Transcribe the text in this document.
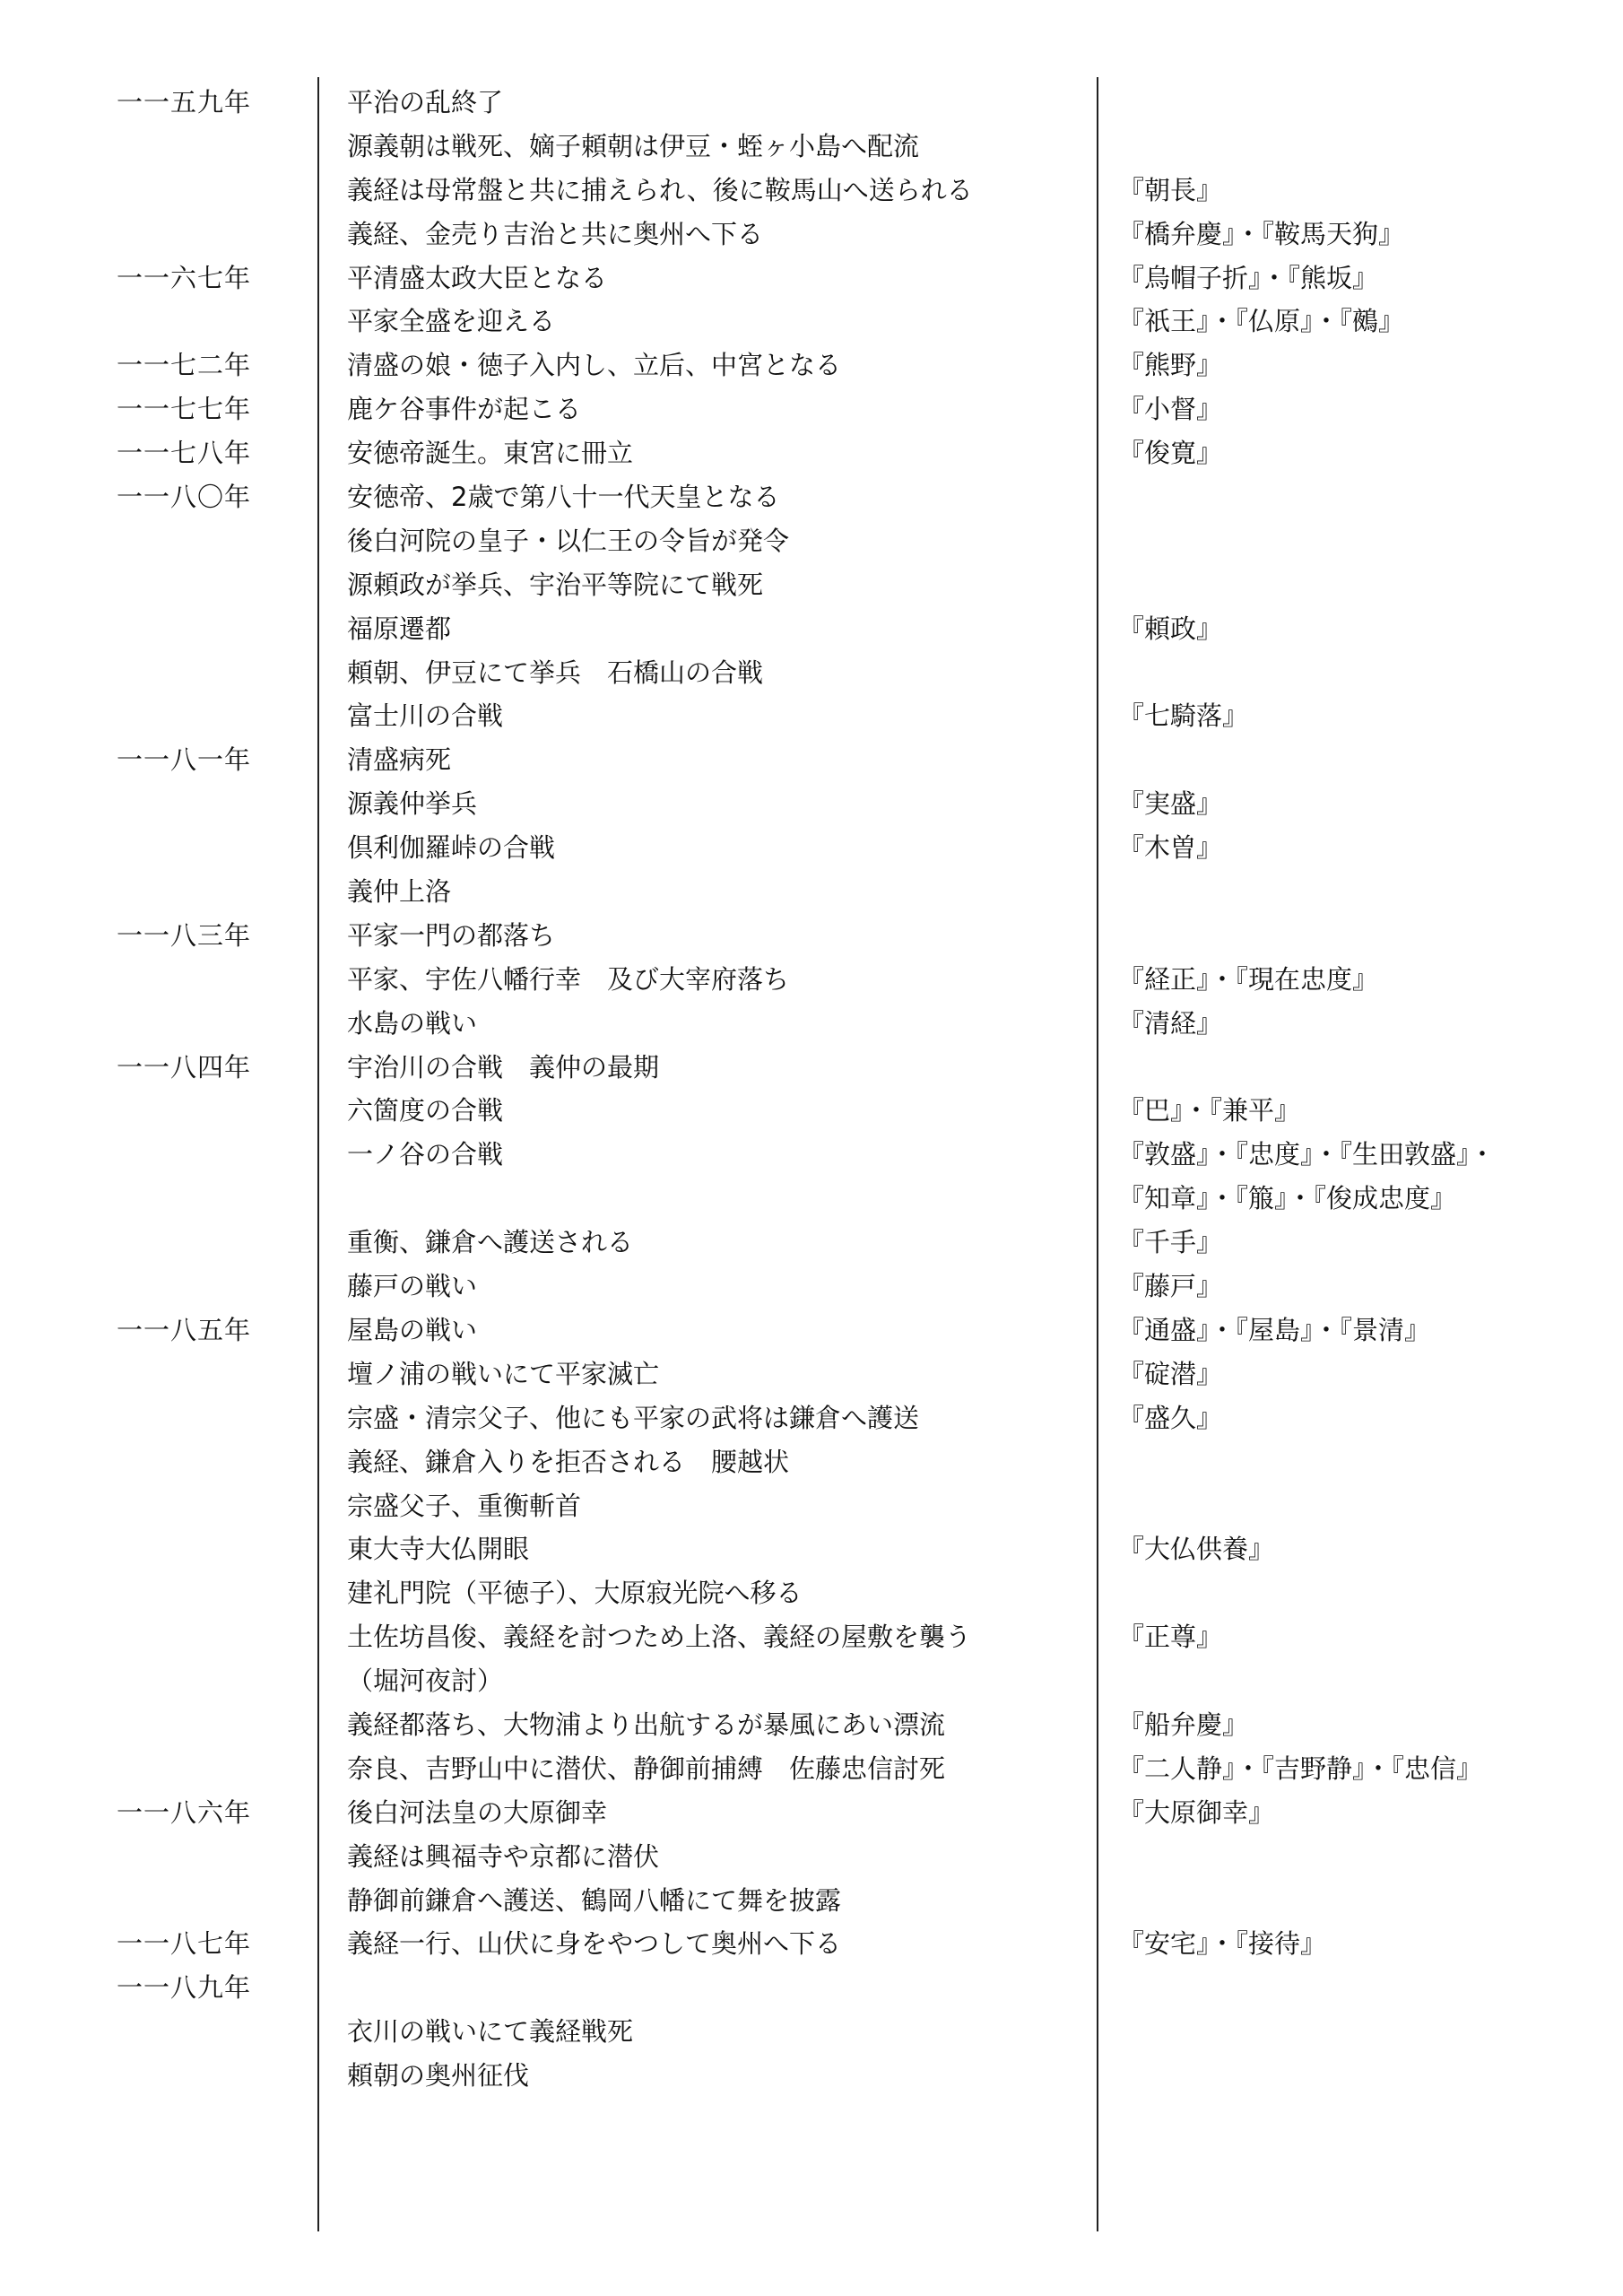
一一五九年	平治の乱終了
源義朝は戦死、嫡子頼朝は伊豆・蛭ヶ小島へ配流
義経は母常盤と共に捕えられ、後に鞍馬山へ送られる	『朝長』
義経、金売り吉治と共に奥州へ下る	『橋弁慶』・『鞍馬天狗』
一一六七年	平清盛太政大臣となる	『烏帽子折』・『熊坂』
平家全盛を迎える	『祇王』・『仏原』・『鵺』
一一七二年	清盛の娘・徳子入内し、立后、中宮となる	『熊野』
一一七七年	鹿ケ谷事件が起こる	『小督』
一一七八年	安徳帝誕生。東宮に冊立	『俊寛』
一一八〇年	安徳帝、2歳で第八十一代天皇となる
後白河院の皇子・以仁王の令旨が発令
源頼政が挙兵、宇治平等院にて戦死
福原遷都	『頼政』
頼朝、伊豆にて挙兵　石橋山の合戦
富士川の合戦	『七騎落』
一一八一年	清盛病死
源義仲挙兵	『実盛』
倶利伽羅峠の合戦	『木曽』
義仲上洛
一一八三年	平家一門の都落ち
平家、宇佐八幡行幸　及び大宰府落ち	『経正』・『現在忠度』
水島の戦い	『清経』
一一八四年	宇治川の合戦　義仲の最期
六箇度の合戦	『巴』・『兼平』
一ノ谷の合戦	『敦盛』・『忠度』・『生田敦盛』・
『知章』・『箙』・『俊成忠度』
重衡、鎌倉へ護送される	『千手』
藤戸の戦い	『藤戸』
一一八五年	屋島の戦い	『通盛』・『屋島』・『景清』
壇ノ浦の戦いにて平家滅亡	『碇潜』
宗盛・清宗父子、他にも平家の武将は鎌倉へ護送	『盛久』
義経、鎌倉入りを拒否される　腰越状
宗盛父子、重衡斬首
東大寺大仏開眼	『大仏供養』
建礼門院（平徳子）、大原寂光院へ移る
土佐坊昌俊、義経を討つため上洛、義経の屋敷を襲う	『正尊』
（堀河夜討）
義経都落ち、大物浦より出航するが暴風にあい漂流	『船弁慶』
奈良、吉野山中に潜伏、静御前捕縛　佐藤忠信討死	『二人静』・『吉野静』・『忠信』
一一八六年	後白河法皇の大原御幸	『大原御幸』
義経は興福寺や京都に潜伏
静御前鎌倉へ護送、鶴岡八幡にて舞を披露
一一八七年	義経一行、山伏に身をやつして奥州へ下る	『安宅』・『接待』
一一八九年
衣川の戦いにて義経戦死
頼朝の奥州征伐
